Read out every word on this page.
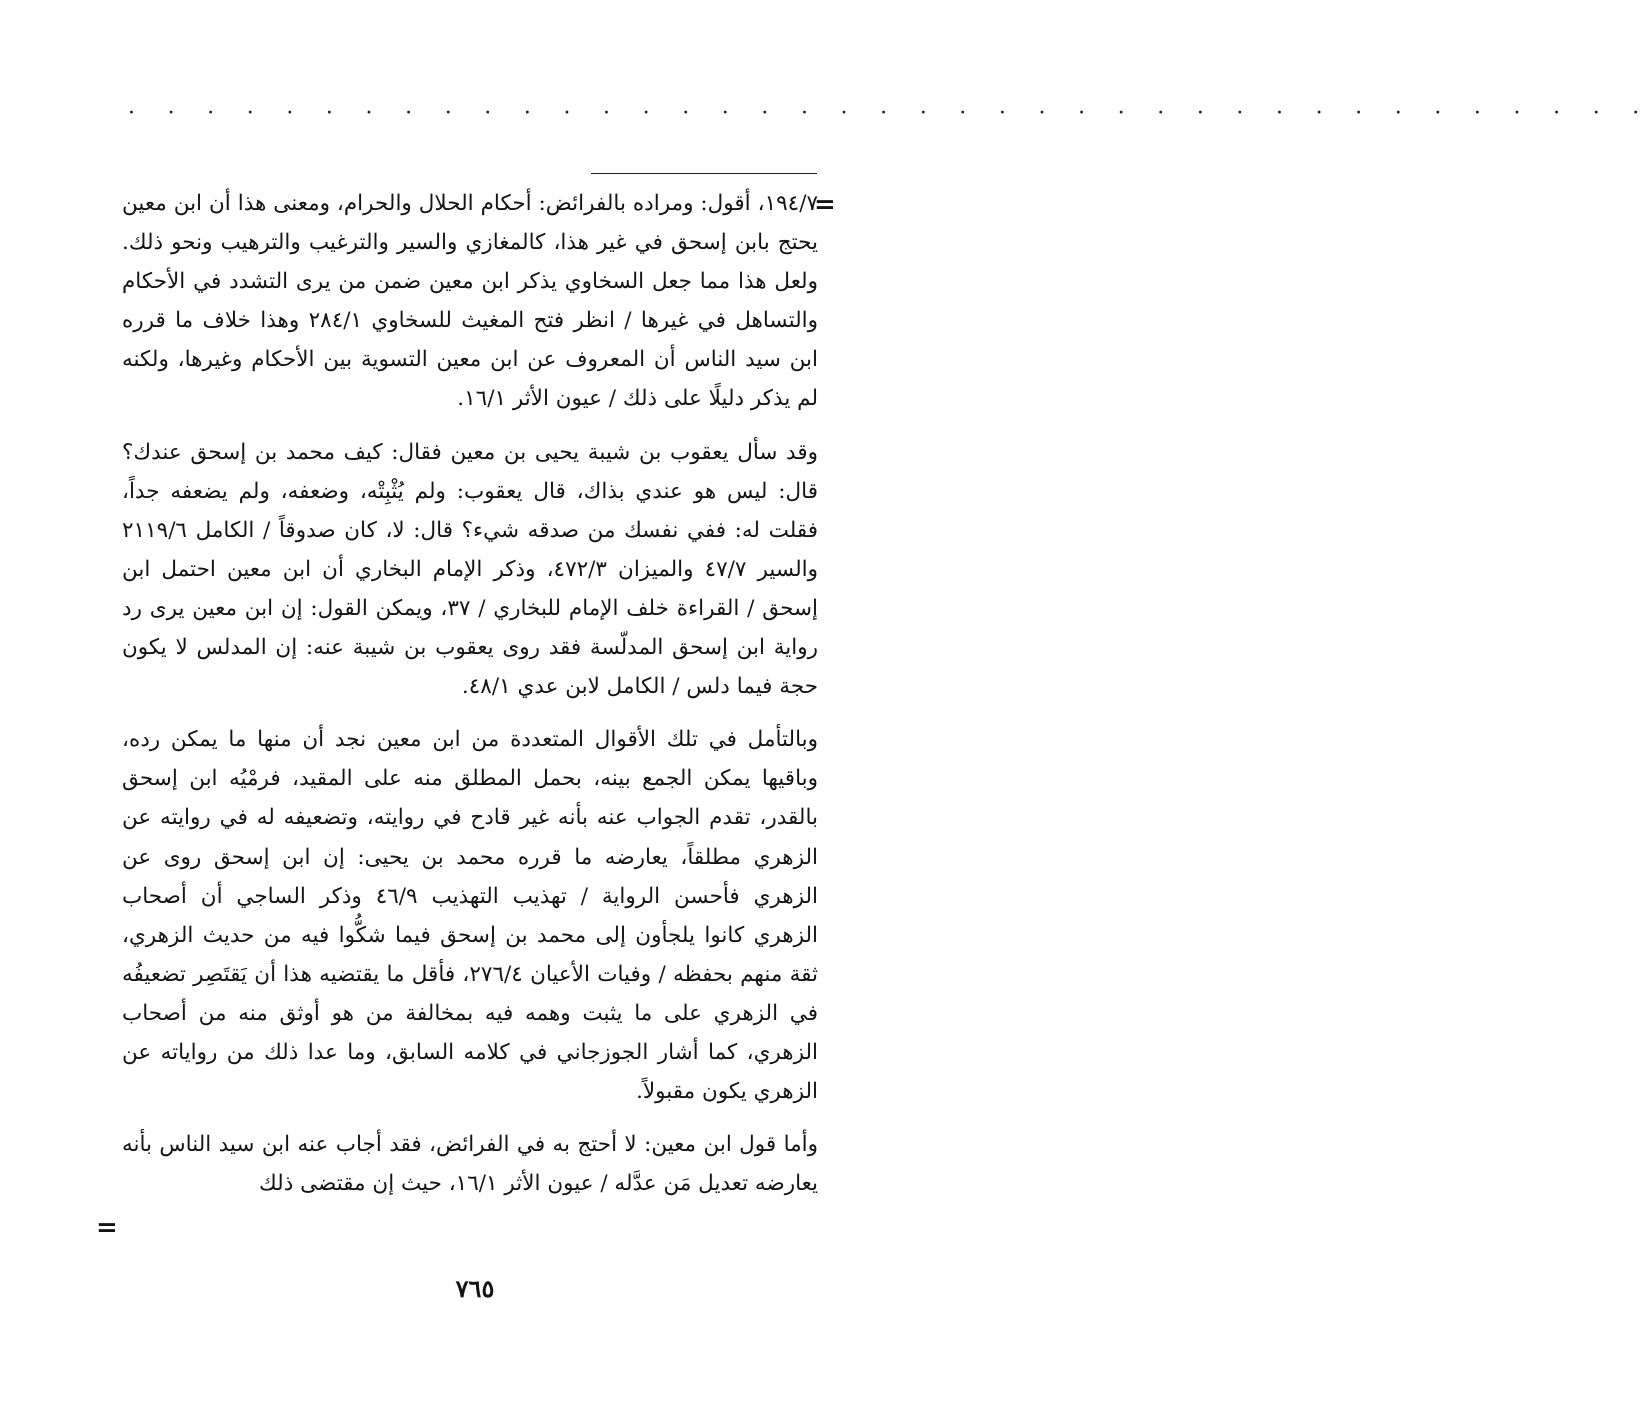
· · · · · · · · · · · · · · · · · · · · · · · · · · · · · · · · · · · · · · ·
=

١٩٤/٧، أقول: ومراده بالفرائض: أحكام الحلال والحرام، ومعنى هذا أن ابن معين يحتج بابن إسحق في غير هذا، كالمغازي والسير والترغيب والترهيب ونحو ذلك. ولعل هذا مما جعل السخاوي يذكر ابن معين ضمن من يرى التشدد في الأحكام والتساهل في غيرها / انظر فتح المغيث للسخاوي ٢٨٤/١ وهذا خلاف ما قرره ابن سيد الناس أن المعروف عن ابن معين التسوية بين الأحكام وغيرها، ولكنه لم يذكر دليلًا على ذلك / عيون الأثر ١٦/١.

وقد سأل يعقوب بن شيبة يحيى بن معين فقال: كيف محمد بن إسحق عندك؟ قال: ليس هو عندي بذاك، قال يعقوب: ولم يُثْبِتْه، وضعفه، ولم يضعفه جداً، فقلت له: ففي نفسك من صدقه شيء؟ قال: لا، كان صدوقاً / الكامل ٢١١٩/٦ والسير ٤٧/٧ والميزان ٤٧٢/٣، وذكر الإمام البخاري أن ابن معين احتمل ابن إسحق / القراءة خلف الإمام للبخاري / ٣٧، ويمكن القول: إن ابن معين يرى رد رواية ابن إسحق المدلّسة فقد روى يعقوب بن شيبة عنه: إن المدلس لا يكون حجة فيما دلس / الكامل لابن عدي ٤٨/١.

وبالتأمل في تلك الأقوال المتعددة من ابن معين نجد أن منها ما يمكن رده، وباقيها يمكن الجمع بينه، بحمل المطلق منه على المقيد، فرمْيُه ابن إسحق بالقدر، تقدم الجواب عنه بأنه غير قادح في روايته، وتضعيفه له في روايته عن الزهري مطلقاً، يعارضه ما قرره محمد بن يحيى: إن ابن إسحق روى عن الزهري فأحسن الرواية / تهذيب التهذيب ٤٦/٩ وذكر الساجي أن أصحاب الزهري كانوا يلجأون إلى محمد بن إسحق فيما شكُّوا فيه من حديث الزهري، ثقة منهم بحفظه / وفيات الأعيان ٢٧٦/٤، فأقل ما يقتضيه هذا أن يَقتَصِر تضعيفُه في الزهري على ما يثبت وهمه فيه بمخالفة من هو أوثق منه من أصحاب الزهري، كما أشار الجوزجاني في كلامه السابق، وما عدا ذلك من رواياته عن الزهري يكون مقبولاً.

وأما قول ابن معين: لا أحتج به في الفرائض، فقد أجاب عنه ابن سيد الناس بأنه يعارضه تعديل مَن عدَّله / عيون الأثر ١٦/١، حيث إن مقتضى ذلك

=
٧٦٥
